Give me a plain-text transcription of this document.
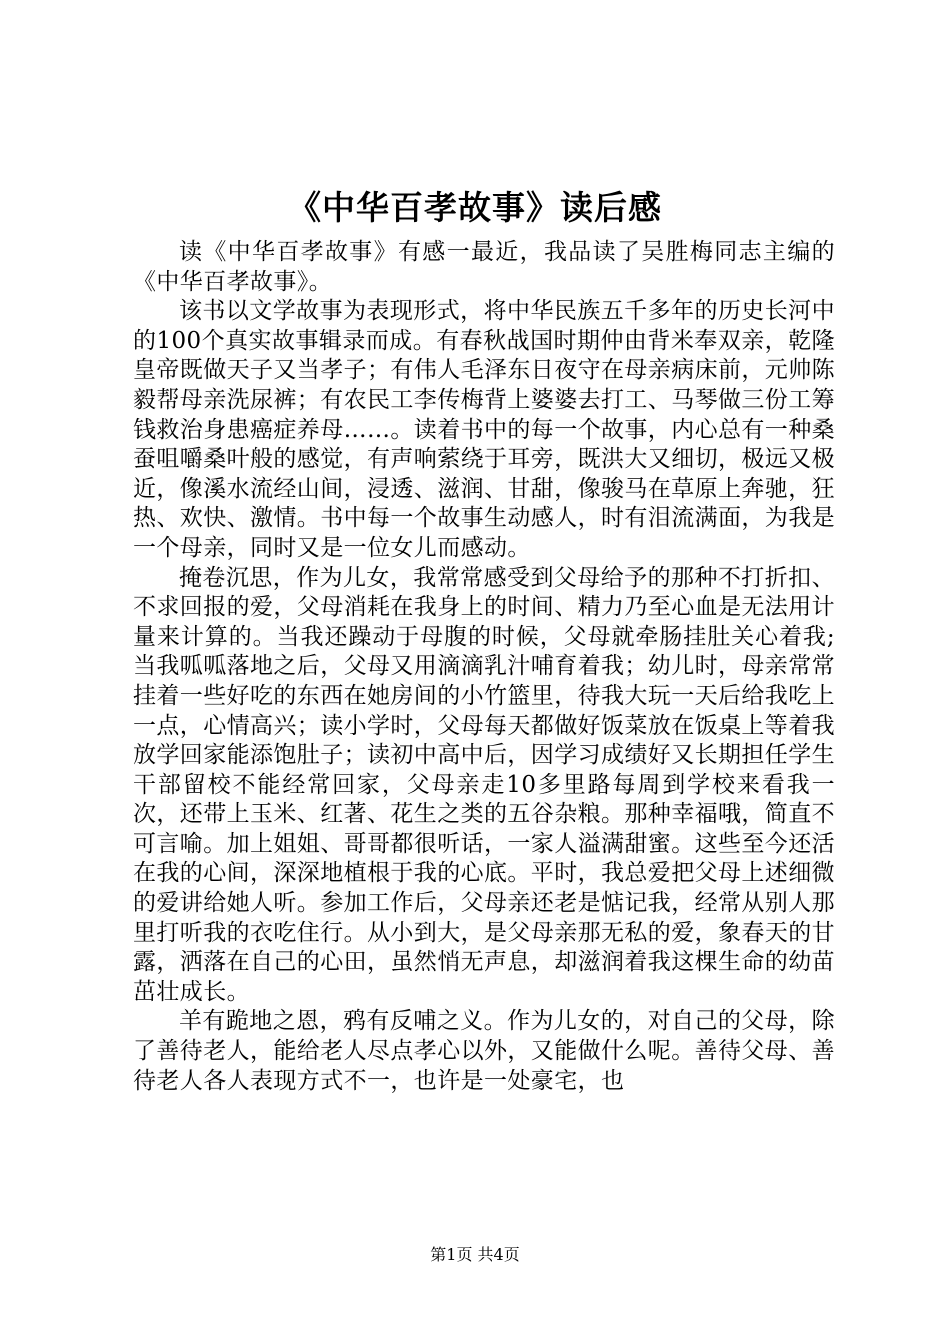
《中华百孝故事》读后感

读《中华百孝故事》有感一最近，我品读了吴胜梅同志主编的《中华百孝故事》。

该书以文学故事为表现形式，将中华民族五千多年的历史长河中的100个真实故事辑录而成。有春秋战国时期仲由背米奉双亲，乾隆皇帝既做天子又当孝子；有伟人毛泽东日夜守在母亲病床前，元帅陈毅帮母亲洗尿裤；有农民工李传梅背上婆婆去打工、马琴做三份工筹钱救治身患癌症养母……。读着书中的每一个故事，内心总有一种桑蚕咀嚼桑叶般的感觉，有声响萦绕于耳旁，既洪大又细切，极远又极近，像溪水流经山间，浸透、滋润、甘甜，像骏马在草原上奔驰，狂热、欢快、激情。书中每一个故事生动感人，时有泪流满面，为我是一个母亲，同时又是一位女儿而感动。

掩卷沉思，作为儿女，我常常感受到父母给予的那种不打折扣、不求回报的爱，父母消耗在我身上的时间、精力乃至心血是无法用计量来计算的。当我还躁动于母腹的时候，父母就牵肠挂肚关心着我;当我呱呱落地之后，父母又用滴滴乳汁哺育着我；幼儿时，母亲常常挂着一些好吃的东西在她房间的小竹篮里，待我大玩一天后给我吃上一点，心情高兴；读小学时，父母每天都做好饭菜放在饭桌上等着我放学回家能添饱肚子；读初中高中后，因学习成绩好又长期担任学生干部留校不能经常回家，父母亲走10多里路每周到学校来看我一次，还带上玉米、红著、花生之类的五谷杂粮。那种幸福哦，简直不可言喻。加上姐姐、哥哥都很听话，一家人溢满甜蜜。这些至今还活在我的心间，深深地植根于我的心底。平时，我总爱把父母上述细微的爱讲给她人听。参加工作后，父母亲还老是惦记我，经常从别人那里打听我的衣吃住行。从小到大，是父母亲那无私的爱，象春天的甘露，洒落在自己的心田，虽然悄无声息，却滋润着我这棵生命的幼苗茁壮成长。

羊有跪地之恩，鸦有反哺之义。作为儿女的，对自己的父母，除了善待老人，能给老人尽点孝心以外，又能做什么呢。善待父母、善待老人各人表现方式不一，也许是一处豪宅，也

第1页 共4页
